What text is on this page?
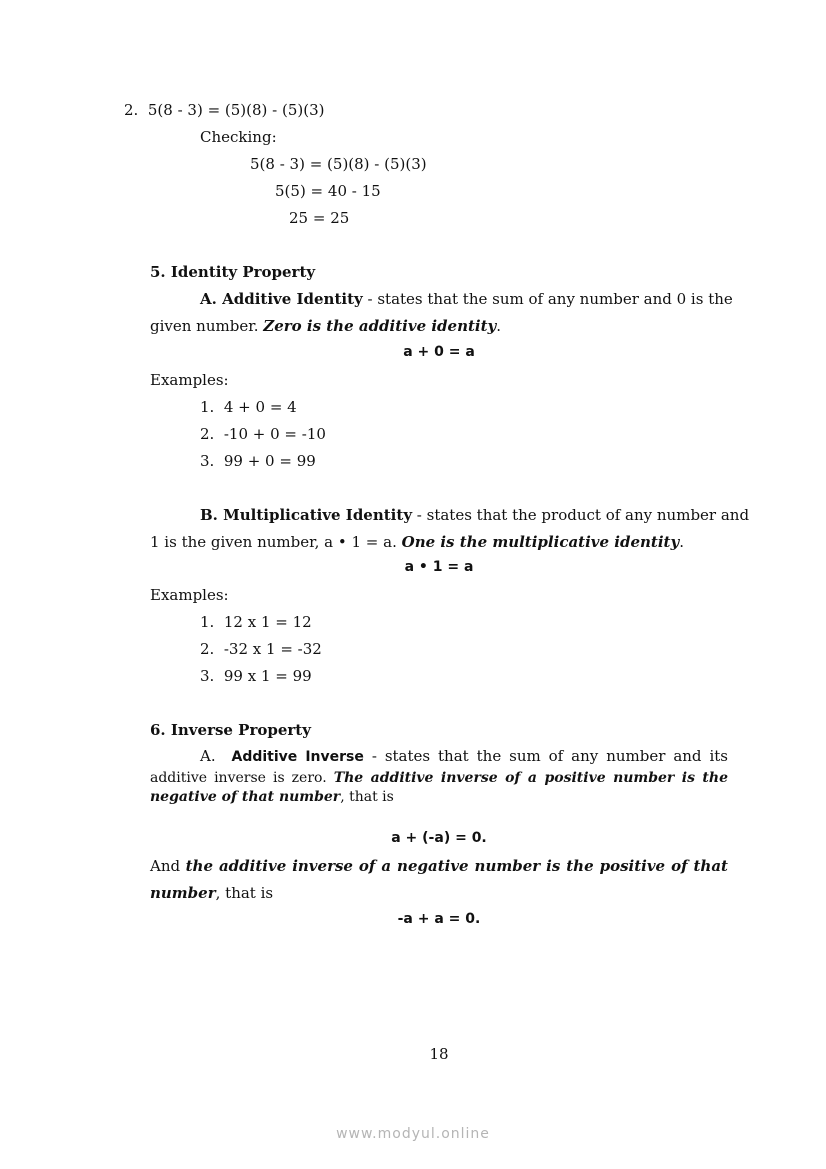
2. 5(8 - 3) = (5)(8) - (5)(3)
Checking:
5(8 - 3) = (5)(8) - (5)(3)
5(5) = 40 - 15
25 = 25
5. Identity Property
A. Additive Identity - states that the sum of any number and 0 is the
given number. Zero is the additive identity.
a + 0 = a
Examples:
1. 4 + 0 = 4
2. -10 + 0 = -10
3. 99 + 0 = 99
B. Multiplicative Identity - states that the product of any number and
1 is the given number, a • 1 = a. One is the multiplicative identity.
a • 1 = a
Examples:
1. 12 x 1 = 12
2. -32 x 1 = -32
3. 99 x 1 = 99
6. Inverse Property
A. Additive Inverse - states that the sum of any number and its
additive inverse is zero. The additive inverse of a positive number is the
negative of that number, that is
a + (-a) = 0.
And the additive inverse of a negative number is the positive of that
number, that is
-a + a = 0.
18
www.modyul.online
